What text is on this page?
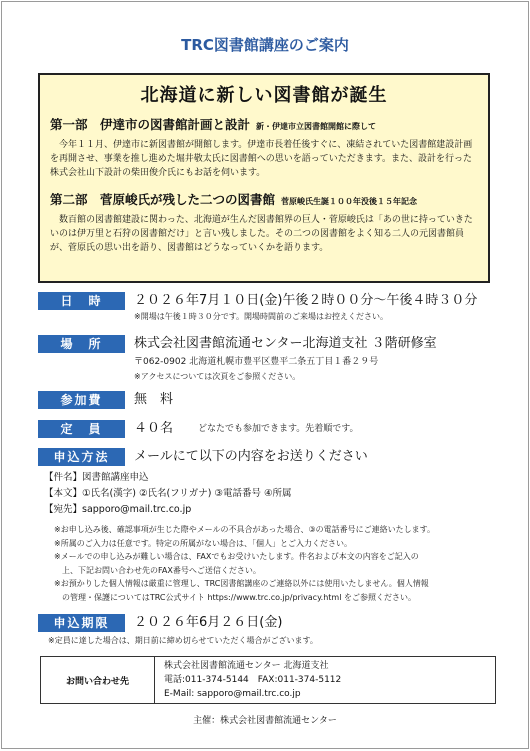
TRC図書館講座のご案内
北海道に新しい図書館が誕生
第一部　伊達市の図書館計画と設計 新・伊達市立図書館開館に際して
今年１１月、伊達市に新図書館が開館します。伊達市長着任後すぐに、凍結されていた図書館建設計画を再開させ、事業を推し進めた堀井敬太氏に図書館への思いを語っていただきます。また、設計を行った株式会社山下設計の柴田俊介氏にもお話を伺います。
第二部　菅原峻氏が残した二つの図書館 菅原峻氏生誕１００年没後１５年記念
数百館の図書館建設に関わった、北海道が生んだ図書館界の巨人・菅原峻氏は「あの世に持っていきたいのは伊万里と石狩の図書館だけ」と言い残しました。その二つの図書館をよく知る二人の元図書館員が、菅原氏の思い出を語り、図書館はどうなっていくかを語ります。
日　時	２０２６年7月１０日(金)午後２時００分～午後４時３０分
※開場は午後１時３０分です。開場時間前のご来場はお控えください。
場　所	株式会社図書館流通センター北海道支社 ３階研修室
〒062-0902 北海道札幌市豊平区豊平二条五丁目１番２９号
※アクセスについては次頁をご参照ください。
参加費	無　料
定　員	４０名	どなたでも参加できます。先着順です。
申込方法	メールにて以下の内容をお送りください
【件名】図書館講座申込
【本文】①氏名(漢字) ②氏名(フリガナ) ③電話番号 ④所属
【宛先】sapporo@mail.trc.co.jp
※お申し込み後、確認事項が生じた際やメールの不具合があった場合、③の電話番号にご連絡いたします。
※所属のご入力は任意です。特定の所属がない場合は、「個人」とご入力ください。
※メールでの申し込みが難しい場合は、FAXでもお受けいたします。件名および本文の内容をご記入の
　上、下記お問い合わせ先のFAX番号へご送信ください。
※お預かりした個人情報は厳重に管理し、TRC図書館講座のご連絡以外には使用いたしません。個人情報
　の管理・保護についてはTRC公式サイト https://www.trc.co.jp/privacy.html をご参照ください。
申込期限	２０２６年6月２６日(金)
※定員に達した場合は、期日前に締め切らせていただく場合がございます。
お問い合わせ先
株式会社図書館流通センター 北海道支社
電話:011-374-5144　FAX:011-374-5112
E-Mail: sapporo@mail.trc.co.jp
主催：株式会社図書館流通センター
